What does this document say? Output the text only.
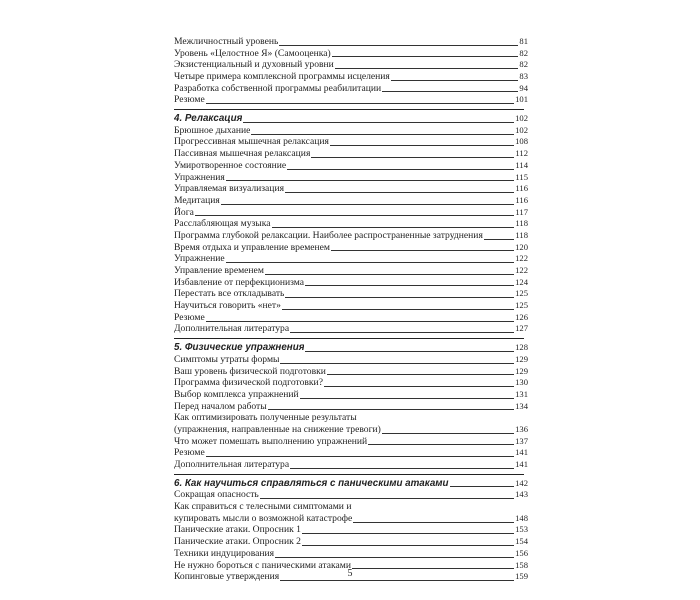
Межличностный уровень	81
Уровень «Целостное Я» (Самооценка)	82
Экзистенциальный и духовный уровни	82
Четыре примера комплексной программы исцеления	83
Разработка собственной программы реабилитации	94
Резюме	101
4. Релаксация	102
Брюшное дыхание	102
Прогрессивная мышечная релаксация	108
Пассивная мышечная релаксация	112
Умиротворенное состояние	114
Упражнения	115
Управляемая визуализация	116
Медитация	116
Йога	117
Расслабляющая музыка	118
Программа глубокой релаксации. Наиболее распространенные затруднения	118
Время отдыха и управление временем	120
Упражнение	122
Управление временем	122
Избавление от перфекционизма	124
Перестать все откладывать	125
Научиться говорить «нет»	125
Резюме	126
Дополнительная литература	127
5. Физические упражнения	128
Симптомы утраты формы	129
Ваш уровень физической подготовки	129
Программа физической подготовки?	130
Выбор комплекса упражнений	131
Перед началом работы	134
Как оптимизировать полученные результаты
(упражнения, направленные на снижение тревоги)	136
Что может помешать выполнению упражнений	137
Резюме	141
Дополнительная литература	141
6. Как научиться справляться с паническими атаками	142
Сокращая опасность	143
Как справиться с телесными симптомами и
купировать мысли о возможной катастрофе	148
Панические атаки. Опросник 1	153
Панические атаки. Опросник 2	154
Техники индуцирования	156
Не нужно бороться с паническими атаками	158
Копинговые утверждения	159
5
